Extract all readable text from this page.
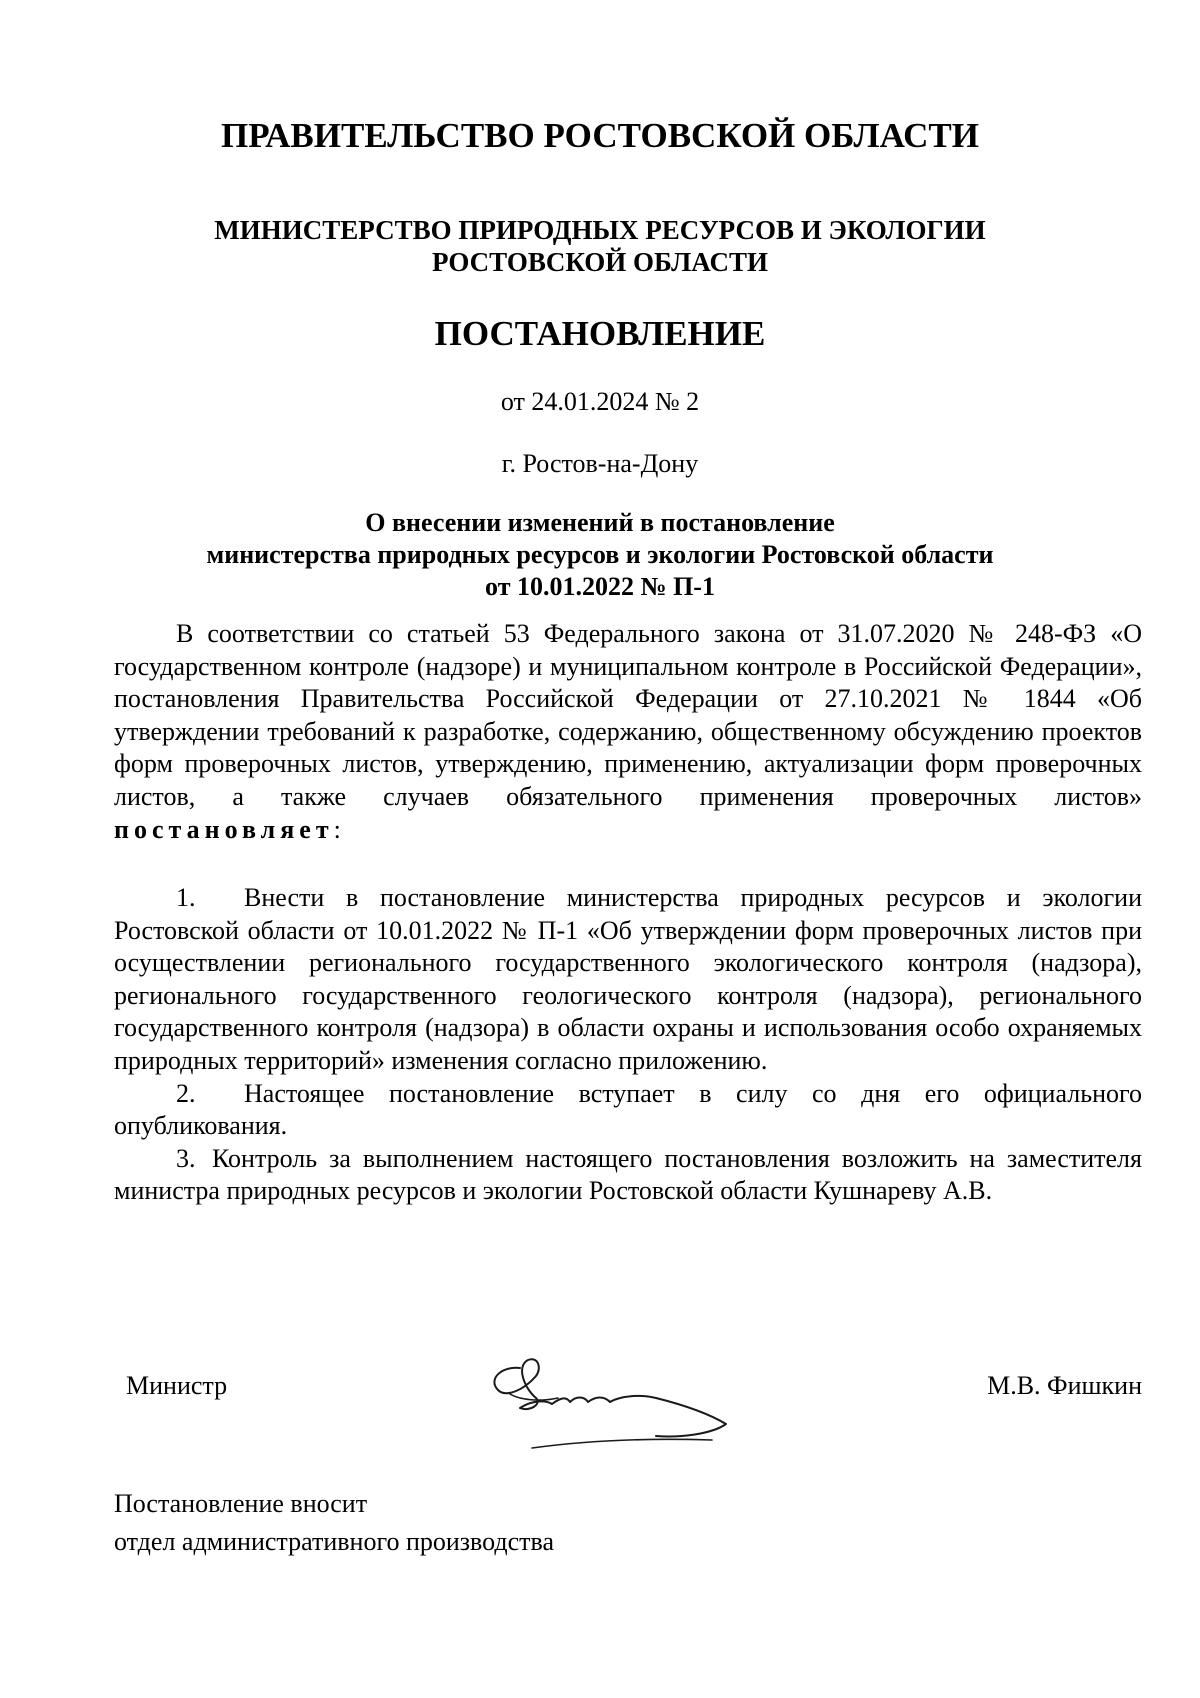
ПРАВИТЕЛЬСТВО РОСТОВСКОЙ ОБЛАСТИ
МИНИСТЕРСТВО ПРИРОДНЫХ РЕСУРСОВ И ЭКОЛОГИИ
РОСТОВСКОЙ ОБЛАСТИ
ПОСТАНОВЛЕНИЕ

от 24.01.2024 № 2

г. Ростов-на-Дону

О внесении изменений в постановление
министерства природных ресурсов и экологии Ростовской области
от 10.01.2022 № П-1

В соответствии со статьей 53 Федерального закона от 31.07.2020 № 248-ФЗ «О государственном контроле (надзоре) и муниципальном контроле в Российской Федерации», постановления Правительства Российской Федерации от 27.10.2021 № 1844 «Об утверждении требований к разработке, содержанию, общественному обсуждению проектов форм проверочных листов, утверждению, применению, актуализации форм проверочных листов, а также случаев обязательного применения проверочных листов» постановляет:

1. Внести в постановление министерства природных ресурсов и экологии Ростовской области от 10.01.2022 № П-1 «Об утверждении форм проверочных листов при осуществлении регионального государственного экологического контроля (надзора), регионального государственного геологического контроля (надзора), регионального государственного контроля (надзора) в области охраны и использования особо охраняемых природных территорий» изменения согласно приложению.

2. Настоящее постановление вступает в силу со дня его официального опубликования.

3. Контроль за выполнением настоящего постановления возложить на заместителя министра природных ресурсов и экологии Ростовской области Кушнареву А.В.

Министр	М.В. Фишкин

Постановление вносит
отдел административного производства
